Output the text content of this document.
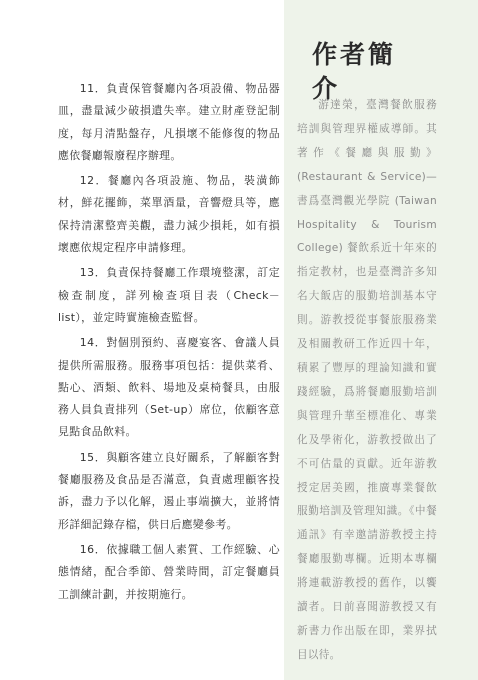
11．負責保管餐廳內各項設備、物品器皿，盡量減少破損遺失率。建立財產登記制度，每月清點盤存，凡損壞不能修復的物品應依餐廳報廢程序辦理。

12．餐廳內各項設施、物品，裝潢飾材，鮮花擺飾，菜單酒量，音響燈具等，應保持清潔整齊美觀，盡力減少損耗，如有損壞應依規定程序申請修理。

13．負責保持餐廳工作環境整潔，訂定檢查制度，詳列檢查項目表（Check－list），並定時實施檢查監督。

14．對個別預約、喜慶宴客、會議人員提供所需服務。服務事項包括：提供菜肴、點心、酒類、飲料、場地及桌椅餐具，由服務人員負責排列（Set-up）席位，依顧客意見點食品飲料。

15．與顧客建立良好關系，了解顧客對餐廳服務及食品是否滿意，負責處理顧客投訴，盡力予以化解，遏止事端擴大，並將情形詳細記錄存檔，供日后應變參考。

16．依據職工個人素質、工作經驗、心態情緒，配合季節、營業時間，訂定餐廳員工訓練計劃，并按期施行。

作者簡介

游達榮，臺灣餐飲服務培訓與管理界權威導師。其著作《餐廳與服勤》(Restaurant & Service)—書爲臺灣觀光學院 (Taiwan Hospitality & Tourism College) 餐飲系近十年來的指定教材，也是臺灣許多知名大飯店的服勤培訓基本守則。游教授從事餐旅服務業及相關教研工作近四十年，積累了豐厚的理論知識和實踐經驗，爲將餐廳服勤培訓與管理升華至標准化、專業化及學術化，游教授做出了不可估量的貢獻。近年游教授定居美國，推廣專業餐飲服勤培訓及管理知識。《中餐通訊》有幸邀請游教授主持餐廳服勤專欄。近期本專欄將連載游教授的舊作，以饗讀者。日前喜聞游教授又有新書力作出版在即，業界拭目以待。
